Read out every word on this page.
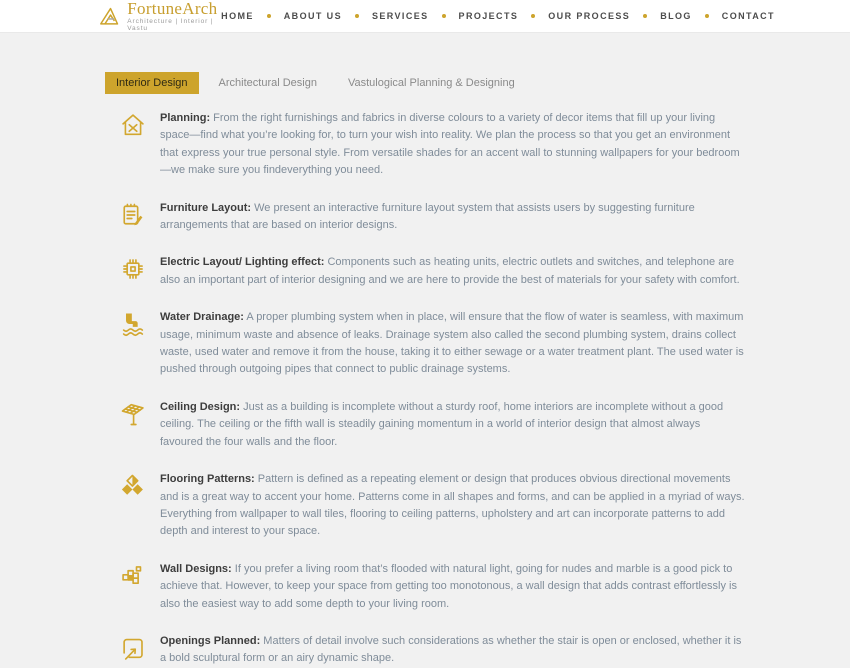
FortuneArch
Architecture | Interior | Vastu
HOME	ABOUT US	SERVICES	PROJECTS	OUR PROCESS	BLOG	CONTACT
Interior Design	Architectural Design	Vastulogical Planning & Designing

Planning: From the right furnishings and fabrics in diverse colours to a variety of decor items that fill up your living space—find what you’re looking for, to turn your wish into reality. We plan the process so that you get an environment that express your true personal style. From versatile shades for an accent wall to stunning wallpapers for your bedroom—we make sure you findeverything you need.

Furniture Layout: We present an interactive furniture layout system that assists users by suggesting furniture arrangements that are based on interior designs.

Electric Layout/ Lighting effect: Components such as heating units, electric outlets and switches, and telephone are also an important part of interior designing and we are here to provide the best of materials for your safety with comfort.

Water Drainage: A proper plumbing system when in place, will ensure that the flow of water is seamless, with maximum usage, minimum waste and absence of leaks. Drainage system also called the second plumbing system, drains collect waste, used water and remove it from the house, taking it to either sewage or a water treatment plant. The used water is pushed through outgoing pipes that connect to public drainage systems.

Ceiling Design: Just as a building is incomplete without a sturdy roof, home interiors are incomplete without a good ceiling. The ceiling or the fifth wall is steadily gaining momentum in a world of interior design that almost always favoured the four walls and the floor.

Flooring Patterns: Pattern is defined as a repeating element or design that produces obvious directional movements and is a great way to accent your home. Patterns come in all shapes and forms, and can be applied in a myriad of ways. Everything from wallpaper to wall tiles, flooring to ceiling patterns, upholstery and art can incorporate patterns to add depth and interest to your space.

Wall Designs: If you prefer a living room that’s flooded with natural light, going for nudes and marble is a good pick to achieve that. However, to keep your space from getting too monotonous, a wall design that adds contrast effortlessly is also the easiest way to add some depth to your living room.

Openings Planned: Matters of detail involve such considerations as whether the stair is open or enclosed, whether it is a bold sculptural form or an airy dynamic shape.
